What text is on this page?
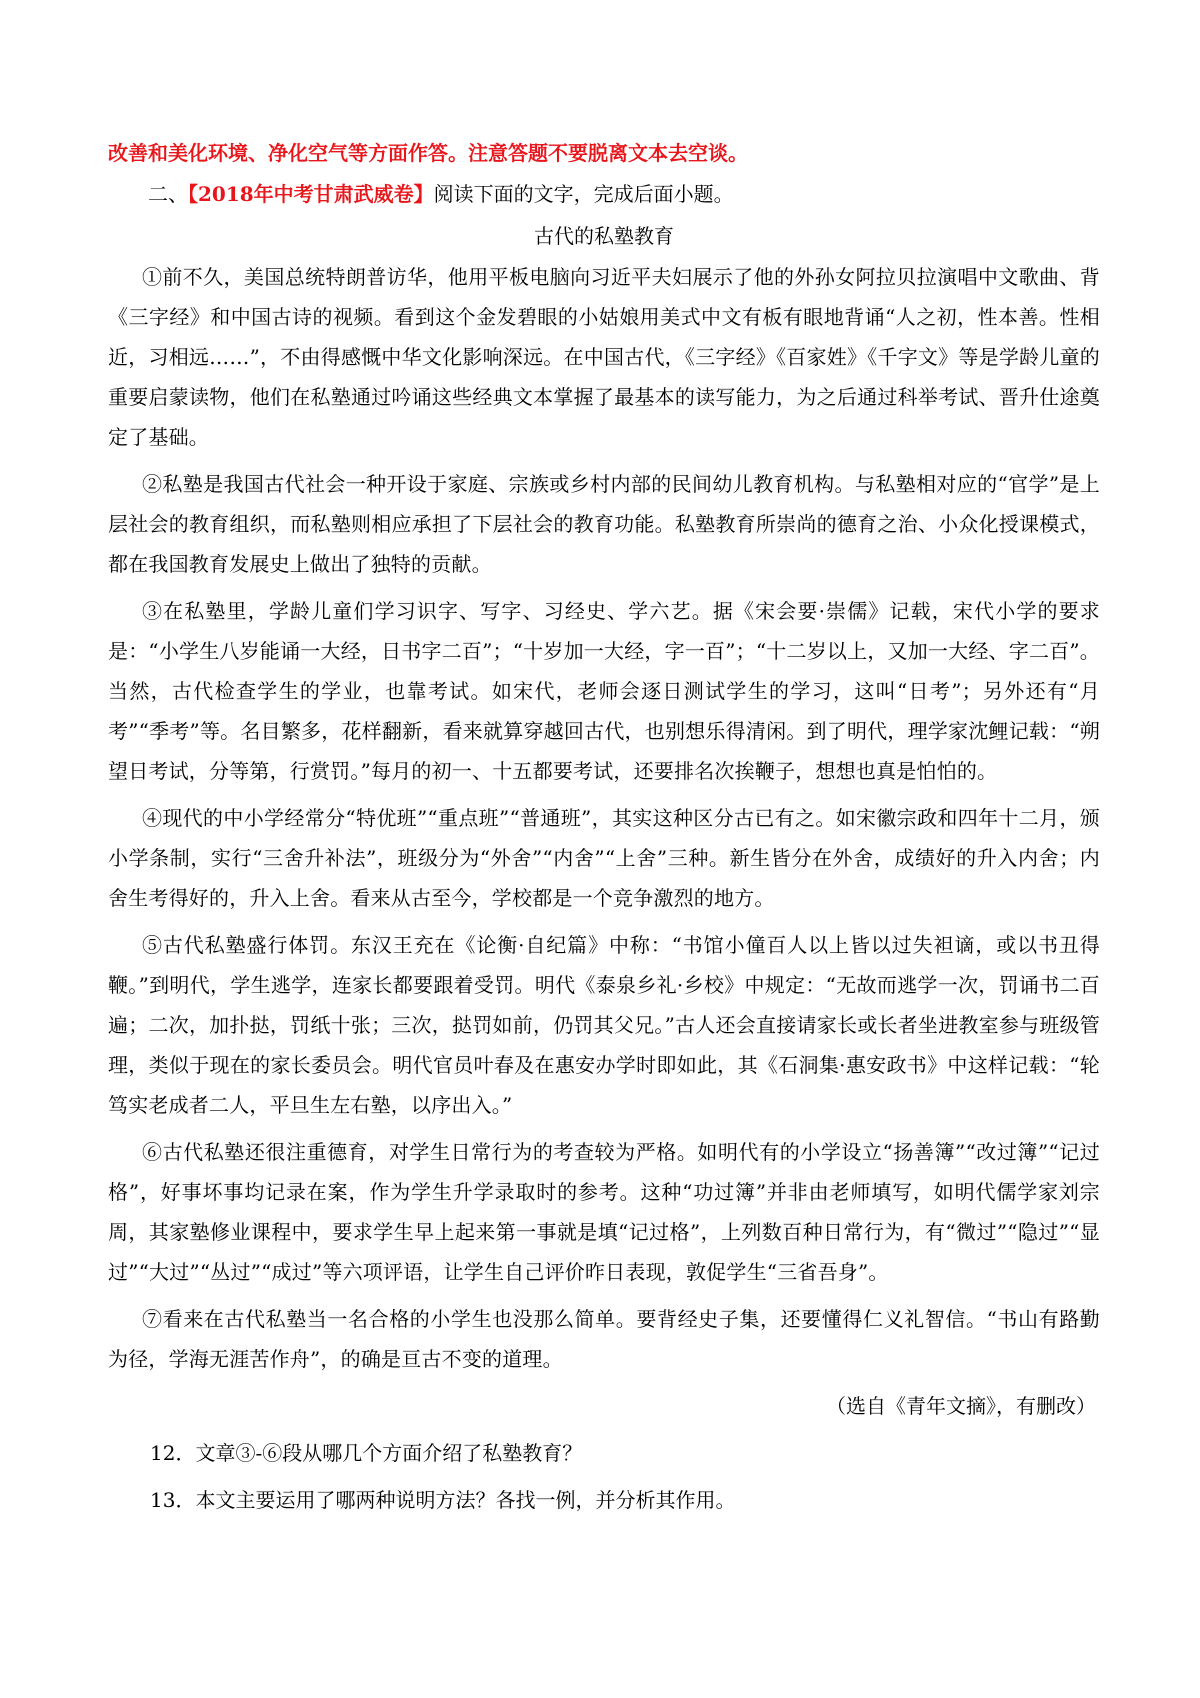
改善和美化环境、净化空气等方面作答。注意答题不要脱离文本去空谈。

二、【2018年中考甘肃武威卷】阅读下面的文字，完成后面小题。

古代的私塾教育

①前不久，美国总统特朗普访华，他用平板电脑向习近平夫妇展示了他的外孙女阿拉贝拉演唱中文歌曲、背《三字经》和中国古诗的视频。看到这个金发碧眼的小姑娘用美式中文有板有眼地背诵“人之初，性本善。性相近，习相远……”，不由得感慨中华文化影响深远。在中国古代，《三字经》《百家姓》《千字文》等是学龄儿童的重要启蒙读物，他们在私塾通过吟诵这些经典文本掌握了最基本的读写能力，为之后通过科举考试、晋升仕途奠定了基础。

②私塾是我国古代社会一种开设于家庭、宗族或乡村内部的民间幼儿教育机构。与私塾相对应的“官学”是上层社会的教育组织，而私塾则相应承担了下层社会的教育功能。私塾教育所崇尚的德育之治、小众化授课模式，都在我国教育发展史上做出了独特的贡献。

③在私塾里，学龄儿童们学习识字、写字、习经史、学六艺。据《宋会要·崇儒》记载，宋代小学的要求是：“小学生八岁能诵一大经，日书字二百”；“十岁加一大经，字一百”；“十二岁以上，又加一大经、字二百”。当然，古代检查学生的学业，也靠考试。如宋代，老师会逐日测试学生的学习，这叫“日考”；另外还有“月考”“季考”等。名目繁多，花样翻新，看来就算穿越回古代，也别想乐得清闲。到了明代，理学家沈鲤记载：“朔望日考试，分等第，行赏罚。”每月的初一、十五都要考试，还要排名次挨鞭子，想想也真是怕怕的。

④现代的中小学经常分“特优班”“重点班”“普通班”，其实这种区分古已有之。如宋徽宗政和四年十二月，颁小学条制，实行“三舍升补法”，班级分为“外舍”“内舍”“上舍”三种。新生皆分在外舍，成绩好的升入内舍；内舍生考得好的，升入上舍。看来从古至今，学校都是一个竞争激烈的地方。

⑤古代私塾盛行体罚。东汉王充在《论衡·自纪篇》中称：“书馆小僮百人以上皆以过失袒谪，或以书丑得鞭。”到明代，学生逃学，连家长都要跟着受罚。明代《泰泉乡礼·乡校》中规定：“无故而逃学一次，罚诵书二百遍；二次，加扑挞，罚纸十张；三次，挞罚如前，仍罚其父兄。”古人还会直接请家长或长者坐进教室参与班级管理，类似于现在的家长委员会。明代官员叶春及在惠安办学时即如此，其《石洞集·惠安政书》中这样记载：“轮笃实老成者二人，平旦生左右塾，以序出入。”

⑥古代私塾还很注重德育，对学生日常行为的考查较为严格。如明代有的小学设立“扬善簿”“改过簿”“记过格”，好事坏事均记录在案，作为学生升学录取时的参考。这种“功过簿”并非由老师填写，如明代儒学家刘宗周，其家塾修业课程中，要求学生早上起来第一事就是填“记过格”，上列数百种日常行为，有“微过”“隐过”“显过”“大过”“丛过”“成过”等六项评语，让学生自己评价昨日表现，敦促学生“三省吾身”。

⑦看来在古代私塾当一名合格的小学生也没那么简单。要背经史子集，还要懂得仁义礼智信。“书山有路勤为径，学海无涯苦作舟”，的确是亘古不变的道理。

（选自《青年文摘》，有删改）

12．文章③-⑥段从哪几个方面介绍了私塾教育？

13．本文主要运用了哪两种说明方法？各找一例，并分析其作用。
